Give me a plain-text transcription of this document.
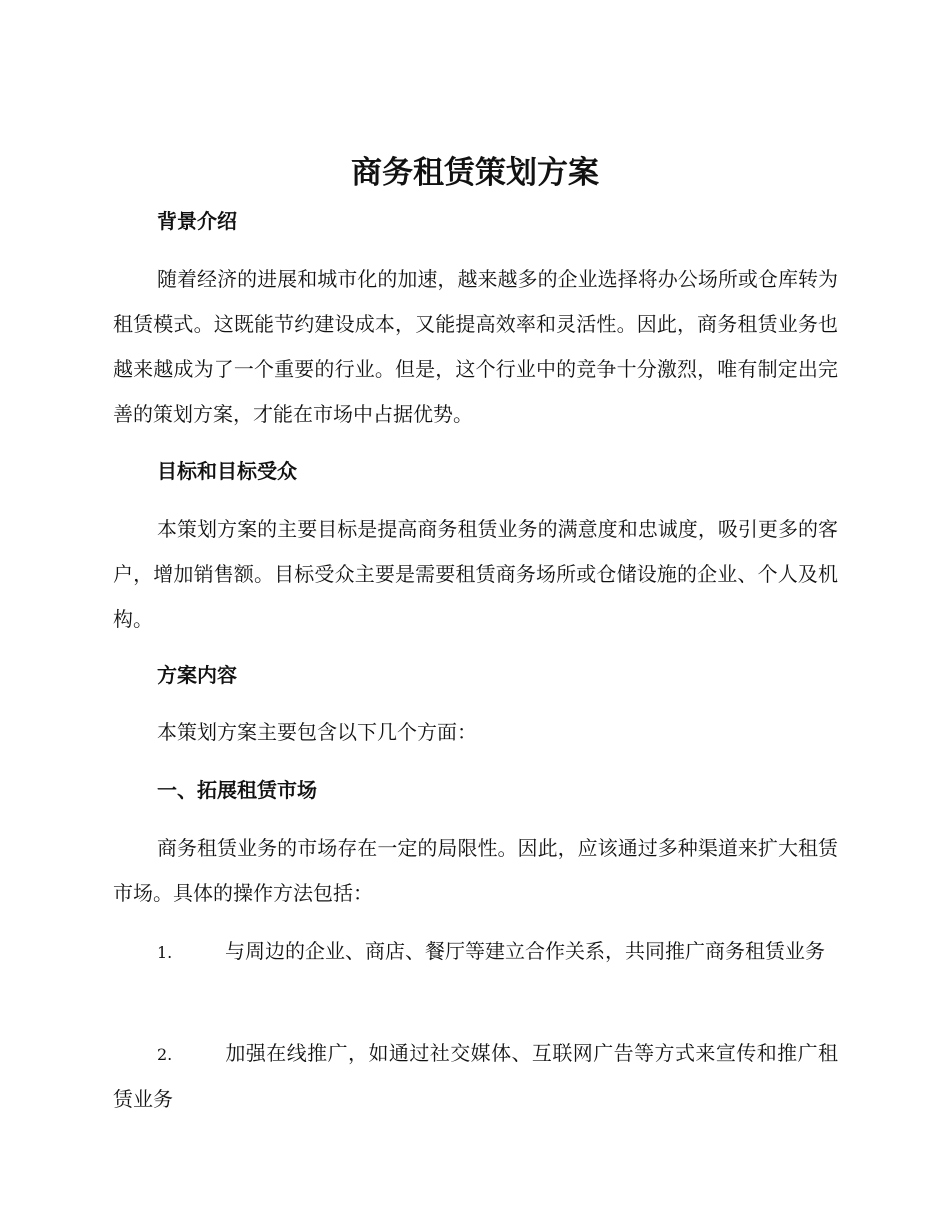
商务租赁策划方案
背景介绍

随着经济的进展和城市化的加速，越来越多的企业选择将办公场所或仓库转为租赁模式。这既能节约建设成本，又能提高效率和灵活性。因此，商务租赁业务也越来越成为了一个重要的行业。但是，这个行业中的竞争十分激烈，唯有制定出完善的策划方案，才能在市场中占据优势。

目标和目标受众

本策划方案的主要目标是提高商务租赁业务的满意度和忠诚度，吸引更多的客户，增加销售额。目标受众主要是需要租赁商务场所或仓储设施的企业、个人及机构。

方案内容

本策划方案主要包含以下几个方面：

一、拓展租赁市场

商务租赁业务的市场存在一定的局限性。因此，应该通过多种渠道来扩大租赁市场。具体的操作方法包括：

1.	与周边的企业、商店、餐厅等建立合作关系，共同推广商务租赁业务

2.	加强在线推广，如通过社交媒体、互联网广告等方式来宣传和推广租赁业务
